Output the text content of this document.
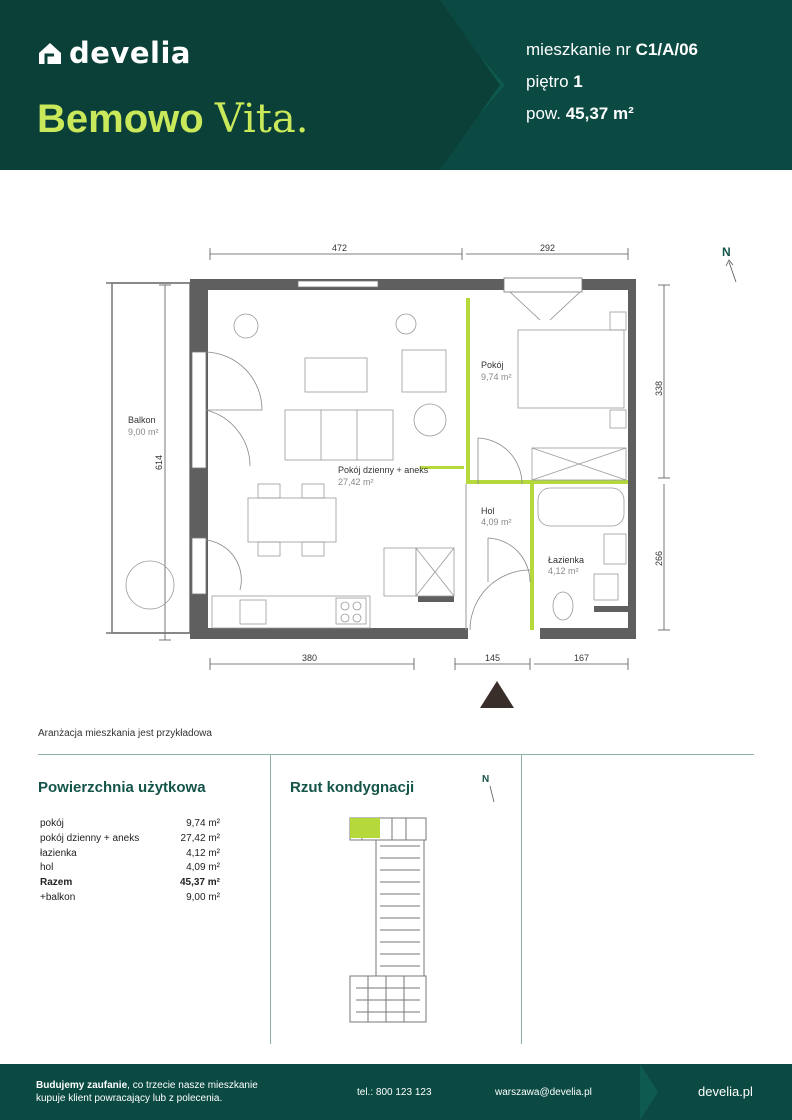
develia
Bemowo Vita.
mieszkanie nr C1/A/06
piętro 1
pow. 45,37 m²
Balkon
9,00 m²
Pokój
9,74 m²
Pokój dzienny + aneks
27,42 m²
Hol
4,09 m²
Łazienka
4,12 m²
472	292
614
338
266
380	145	167
N
Aranżacja mieszkania jest przykładowa
Powierzchnia użytkowa
pokój	9,74 m²
pokój dzienny + aneks	27,42 m²
łazienka	4,12 m²
hol	4,09 m²
Razem	45,37 m²
+balkon	9,00 m²
Rzut kondygnacji	N
Budujemy zaufanie, co trzecie nasze mieszkanie
kupuje klient powracający lub z polecenia.
tel.: 800 123 123	warszawa@develia.pl	develia.pl
